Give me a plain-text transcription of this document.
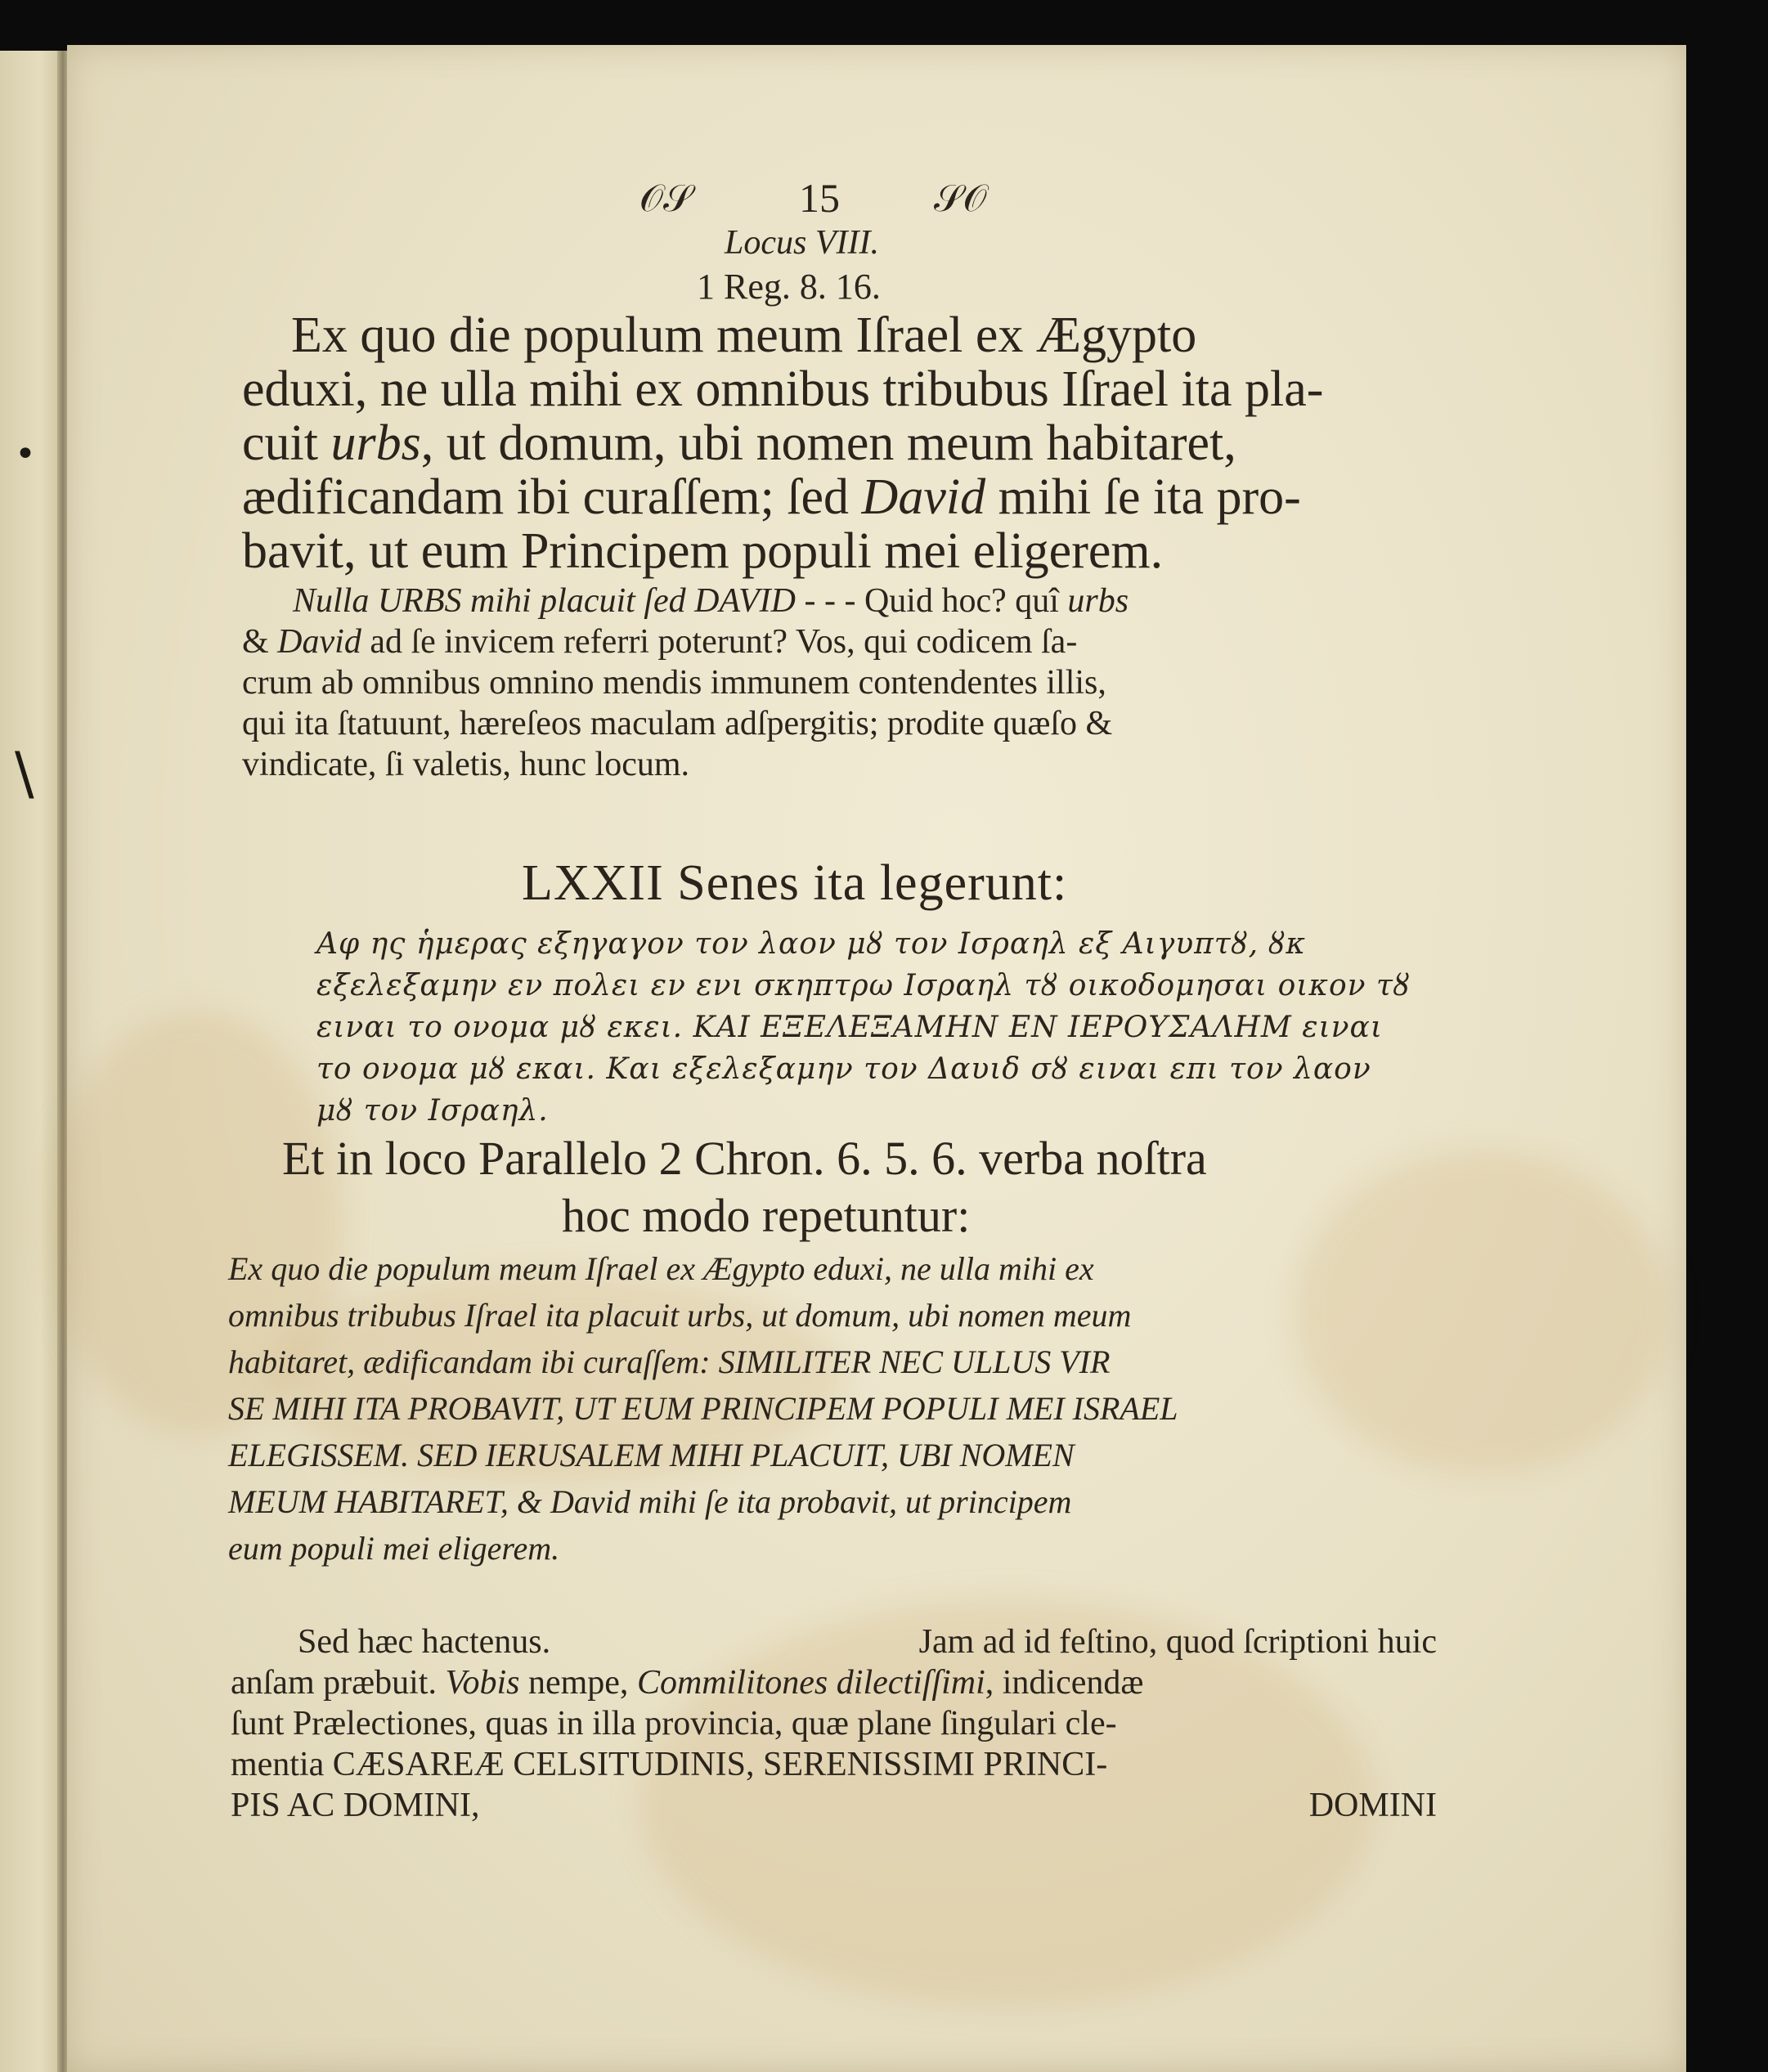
•
\
𝒪𝒮	15	𝒮𝒪
Locus VIII.
1 Reg. 8. 16.
Ex quo die populum meum Iſrael ex Ægypto
eduxi, ne ulla mihi ex omnibus tribubus Iſrael ita pla-
cuit urbs, ut domum, ubi nomen meum habitaret,
ædificandam ibi curaſſem; ſed David mihi ſe ita pro-
bavit, ut eum Principem populi mei eligerem.
Nulla URBS mihi placuit ſed DAVID - - - Quid hoc? quî urbs
& David ad ſe invicem referri poterunt? Vos, qui codicem ſa-
crum ab omnibus omnino mendis immunem contendentes illis,
qui ita ſtatuunt, hæreſeos maculam adſpergitis; prodite quæſo &
vindicate, ſi valetis, hunc locum.
LXXII Senes ita legerunt:
Αφ ης ἡμερας εξηγαγον τον λαον μȣ τον Ισραηλ εξ Αιγυπτȣ, ȣκ
εξελεξαμην εν πολει εν ενι σκηπτρω Ισραηλ τȣ οικοδομησαι οικον τȣ
ειναι το ονομα μȣ εκει. ΚΑΙ ΕΞΕΛΕΞΑΜΗΝ ΕΝ ΙΕΡΟΥΣΑΛΗΜ ειναι
το ονομα μȣ εκαι. Και εξελεξαμην τον Δαυιδ σȣ ειναι επι τον λαον
μȣ τον Ισραηλ.
Et in loco Parallelo 2 Chron. 6. 5. 6. verba noſtra
hoc modo repetuntur:
Ex quo die populum meum Iſrael ex Ægypto eduxi, ne ulla mihi ex
omnibus tribubus Iſrael ita placuit urbs, ut domum, ubi nomen meum
habitaret, ædificandam ibi curaſſem: SIMILITER NEC ULLUS VIR
SE MIHI ITA PROBAVIT, UT EUM PRINCIPEM POPULI MEI ISRAEL
ELEGISSEM. SED IERUSALEM MIHI PLACUIT, UBI NOMEN
MEUM HABITARET, & David mihi ſe ita probavit, ut principem
eum populi mei eligerem.
Sed hæc hactenus.	Jam ad id feſtino, quod ſcriptioni huic
anſam præbuit. Vobis nempe, Commilitones dilectiſſimi, indicendæ
ſunt Prælectiones, quas in illa provincia, quæ plane ſingulari cle-
mentia CÆSAREÆ CELSITUDINIS, SERENISSIMI PRINCI-
PIS AC DOMINI,	DOMINI
